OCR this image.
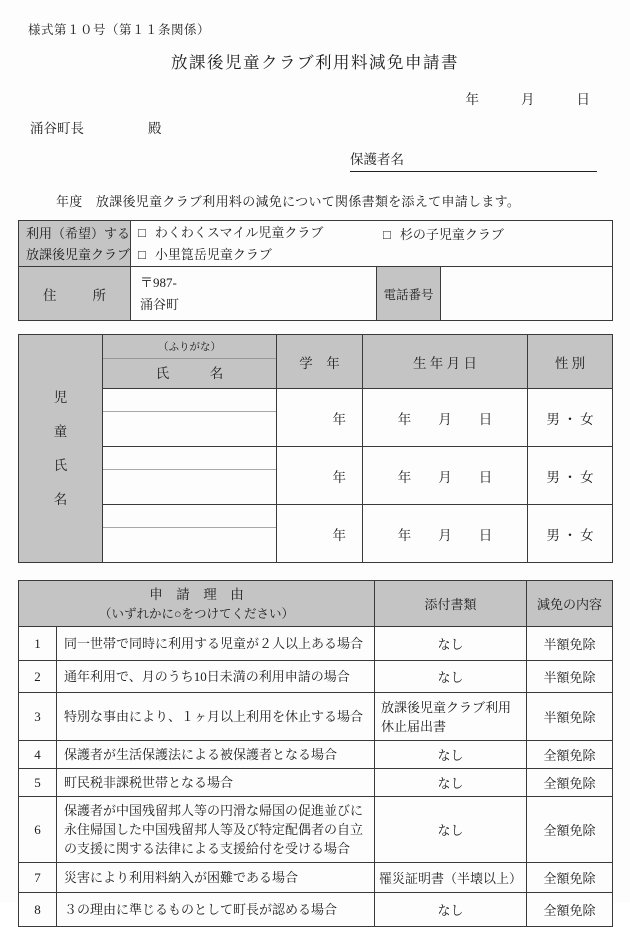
様式第１０号（第１１条関係）
放課後児童クラブ利用料減免申請書
年	月	日
涌谷町長	殿
保護者名
年度　放課後児童クラブ利用料の減免について関係書類を添えて申請します。
利用（希望）する
放課後児童クラブ

□ わくわくスマイル児童クラブ	□ 杉の子児童クラブ
□ 小里箟岳児童クラブ

住	所

〒987-
涌谷町
	電話番号	
児
童
氏
名

（ふりがな）
氏　　　名
	学　年	生 年 月 日	性 別

		年	年　　月　　日	男 ・ 女

		年	年　　月　　日	男 ・ 女

		年	年　　月　　日	男 ・ 女
申　請　理　由
（いずれかに○をつけてください）		添付書類	減免の内容
1	同一世帯で同時に利用する児童が２人以上ある場合	なし	半額免除
2	通年利用で、月のうち10日未満の利用申請の場合	なし	半額免除
3	特別な事由により、１ヶ月以上利用を休止する場合	放課後児童クラブ利用休止届出書	半額免除
4	保護者が生活保護法による被保護者となる場合	なし	全額免除
5	町民税非課税世帯となる場合	なし	全額免除
6	保護者が中国残留邦人等の円滑な帰国の促進並びに永住帰国した中国残留邦人等及び特定配偶者の自立の支援に関する法律による支援給付を受ける場合	なし	全額免除
7	災害により利用料納入が困難である場合	罹災証明書（半壊以上）	全額免除
8	３の理由に準じるものとして町長が認める場合	なし	全額免除
